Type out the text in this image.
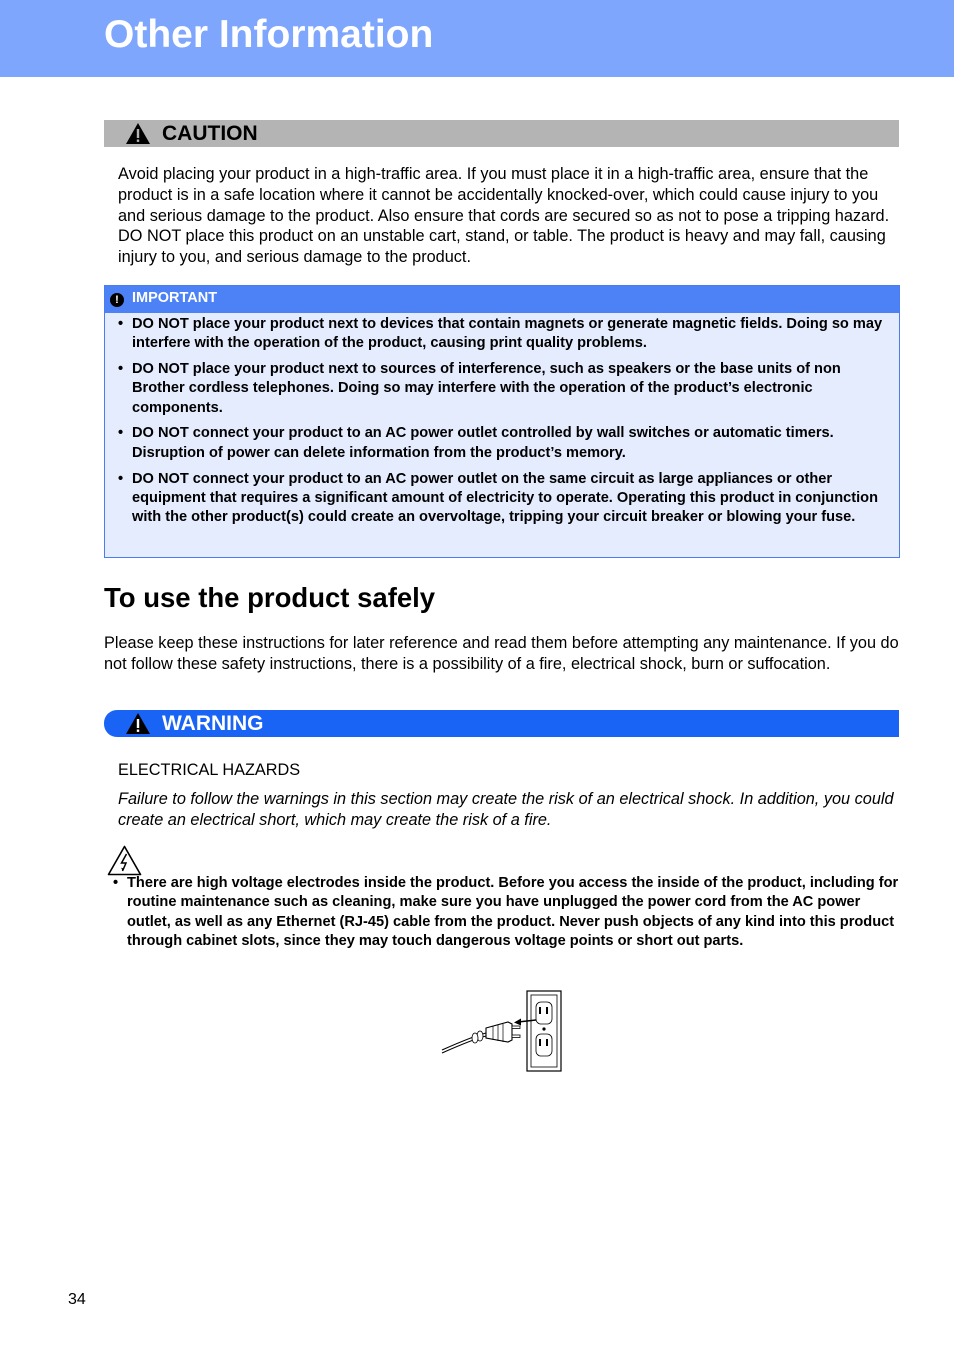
Other Information
CAUTION
Avoid placing your product in a high-traffic area. If you must place it in a high-traffic area, ensure that the product is in a safe location where it cannot be accidentally knocked-over, which could cause injury to you and serious damage to the product. Also ensure that cords are secured so as not to pose a tripping hazard. DO NOT place this product on an unstable cart, stand, or table. The product is heavy and may fall, causing injury to you, and serious damage to the product.
! IMPORTANT
• DO NOT place your product next to devices that contain magnets or generate magnetic fields. Doing so may interfere with the operation of the product, causing print quality problems.
• DO NOT place your product next to sources of interference, such as speakers or the base units of non Brother cordless telephones. Doing so may interfere with the operation of the product’s electronic components.
• DO NOT connect your product to an AC power outlet controlled by wall switches or automatic timers. Disruption of power can delete information from the product’s memory.
• DO NOT connect your product to an AC power outlet on the same circuit as large appliances or other equipment that requires a significant amount of electricity to operate. Operating this product in conjunction with the other product(s) could create an overvoltage, tripping your circuit breaker or blowing your fuse.
To use the product safely
Please keep these instructions for later reference and read them before attempting any maintenance. If you do not follow these safety instructions, there is a possibility of a fire, electrical shock, burn or suffocation.
WARNING
ELECTRICAL HAZARDS
Failure to follow the warnings in this section may create the risk of an electrical shock. In addition, you could create an electrical short, which may create the risk of a fire.
• There are high voltage electrodes inside the product. Before you access the inside of the product, including for routine maintenance such as cleaning, make sure you have unplugged the power cord from the AC power outlet, as well as any Ethernet (RJ-45) cable from the product. Never push objects of any kind into this product through cabinet slots, since they may touch dangerous voltage points or short out parts.
34
